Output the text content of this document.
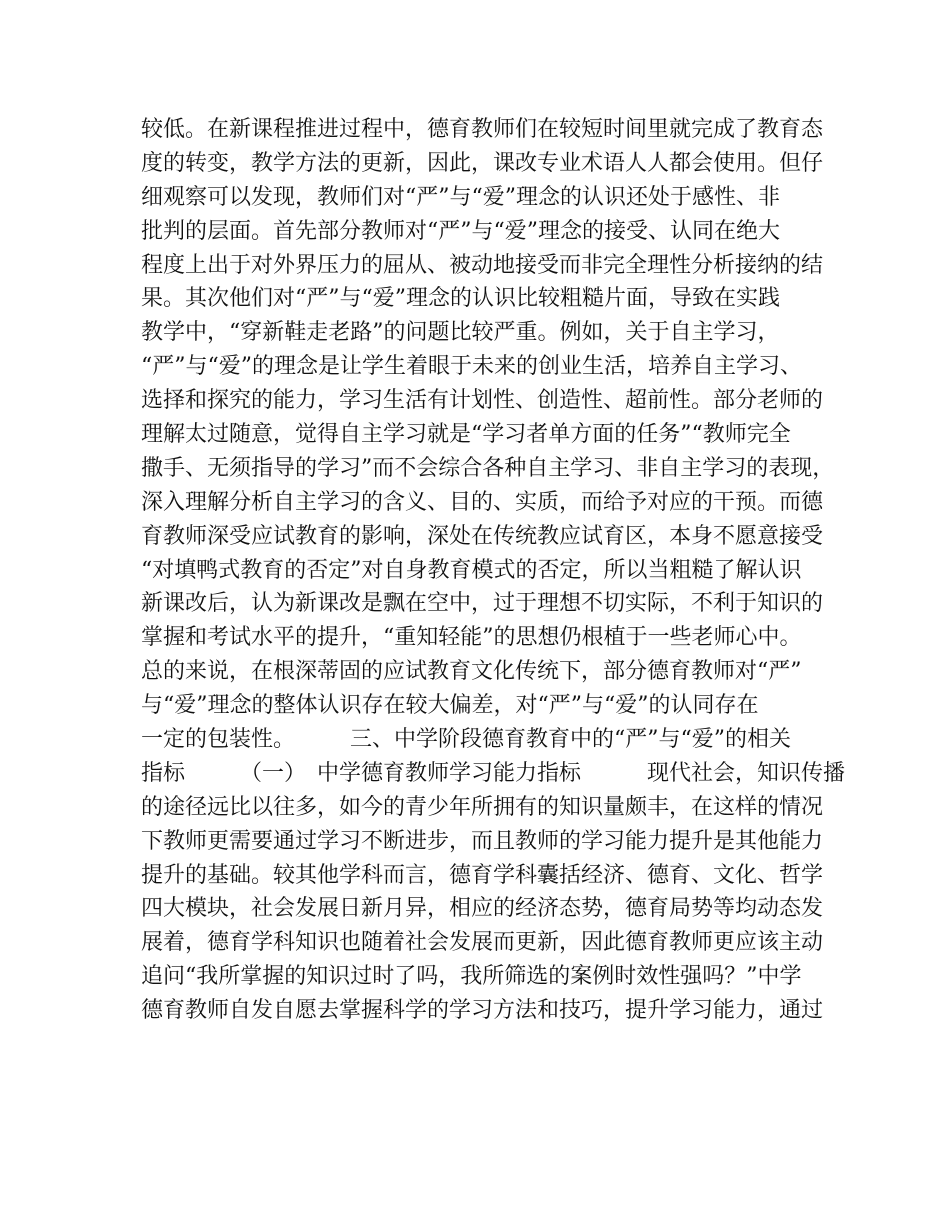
较低。在新课程推进过程中，德育教师们在较短时间里就完成了教育态
度的转变，教学方法的更新，因此，课改专业术语人人都会使用。但仔
细观察可以发现，教师们对“严”与“爱”理念的认识还处于感性、非
批判的层面。首先部分教师对“严”与“爱”理念的接受、认同在绝大
程度上出于对外界压力的屈从、被动地接受而非完全理性分析接纳的结
果。其次他们对“严”与“爱”理念的认识比较粗糙片面，导致在实践
教学中，“穿新鞋走老路”的问题比较严重。例如，关于自主学习，
“严”与“爱”的理念是让学生着眼于未来的创业生活，培养自主学习、
选择和探究的能力，学习生活有计划性、创造性、超前性。部分老师的
理解太过随意，觉得自主学习就是“学习者单方面的任务”“教师完全
撒手、无须指导的学习”而不会综合各种自主学习、非自主学习的表现，
深入理解分析自主学习的含义、目的、实质，而给予对应的干预。而德
育教师深受应试教育的影响，深处在传统教应试育区，本身不愿意接受
“对填鸭式教育的否定”对自身教育模式的否定，所以当粗糙了解认识
新课改后，认为新课改是飘在空中，过于理想不切实际，不利于知识的
掌握和考试水平的提升，“重知轻能”的思想仍根植于一些老师心中。
总的来说，在根深蒂固的应试教育文化传统下，部分德育教师对“严”
与“爱”理念的整体认识存在较大偏差，对“严”与“爱”的认同存在
一定的包装性。　　　三、中学阶段德育教育中的“严”与“爱”的相关
指标　　　（一）　中学德育教师学习能力指标　　　现代社会，知识传播
的途径远比以往多，如今的青少年所拥有的知识量颇丰，在这样的情况
下教师更需要通过学习不断进步，而且教师的学习能力提升是其他能力
提升的基础。较其他学科而言，德育学科囊括经济、德育、文化、哲学
四大模块，社会发展日新月异，相应的经济态势，德育局势等均动态发
展着，德育学科知识也随着社会发展而更新，因此德育教师更应该主动
追问“我所掌握的知识过时了吗，我所筛选的案例时效性强吗？”中学
德育教师自发自愿去掌握科学的学习方法和技巧，提升学习能力，通过
